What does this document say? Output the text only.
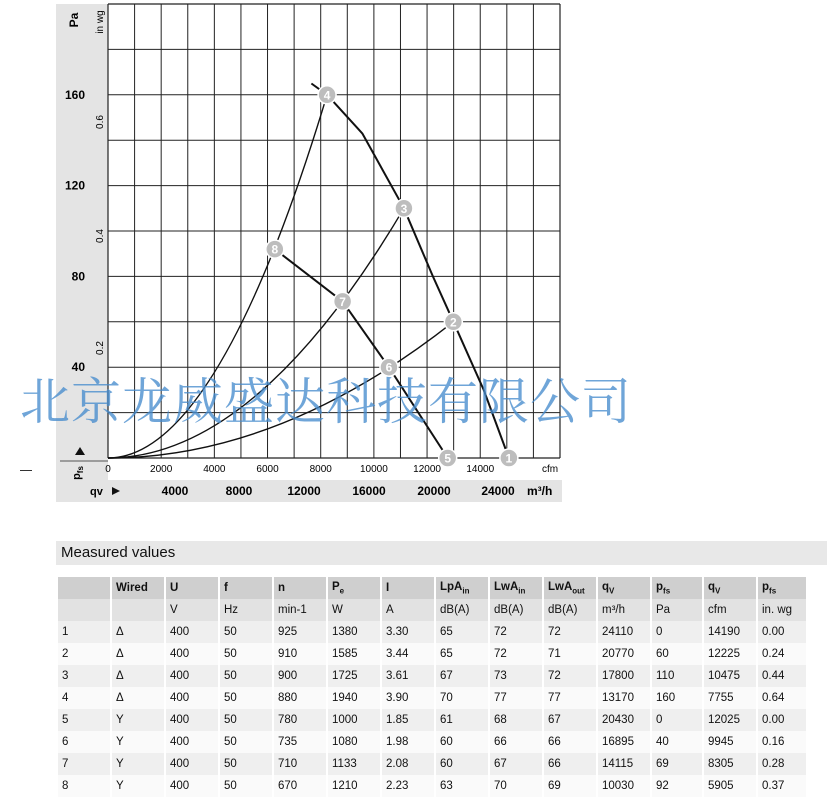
1
2
3
4
5
6
7
8
40
80
120
160
0.2
0.4
0.6
0	2000	4000	6000	8000	10000	12000	14000
4000	8000	12000	16000	20000	24000
Pa in wg
cfm
m³/h
$p_{fs}$
qv
北京龙威盛达科技有限公司
Measured values
	Wired	U	f	n	$P_e$	I	LpA$_{in}$	LwA$_{in}$	LwA$_{out}$	$q_V$	$p_{fs}$	$q_V$	$p_{fs}$
		V	Hz	min-1	W	A	dB(A)	dB(A)	dB(A)	m³/h	Pa	cfm	in. wg
1	Δ	400	50	925	1380	3.30	65	72	72	24110	0	14190	0.00
2	Δ	400	50	910	1585	3.44	65	72	71	20770	60	12225	0.24
3	Δ	400	50	900	1725	3.61	67	73	72	17800	110	10475	0.44
4	Δ	400	50	880	1940	3.90	70	77	77	13170	160	7755	0.64
5	Y	400	50	780	1000	1.85	61	68	67	20430	0	12025	0.00
6	Y	400	50	735	1080	1.98	60	66	66	16895	40	9945	0.16
7	Y	400	50	710	1133	2.08	60	67	66	14115	69	8305	0.28
8	Y	400	50	670	1210	2.23	63	70	69	10030	92	5905	0.37
